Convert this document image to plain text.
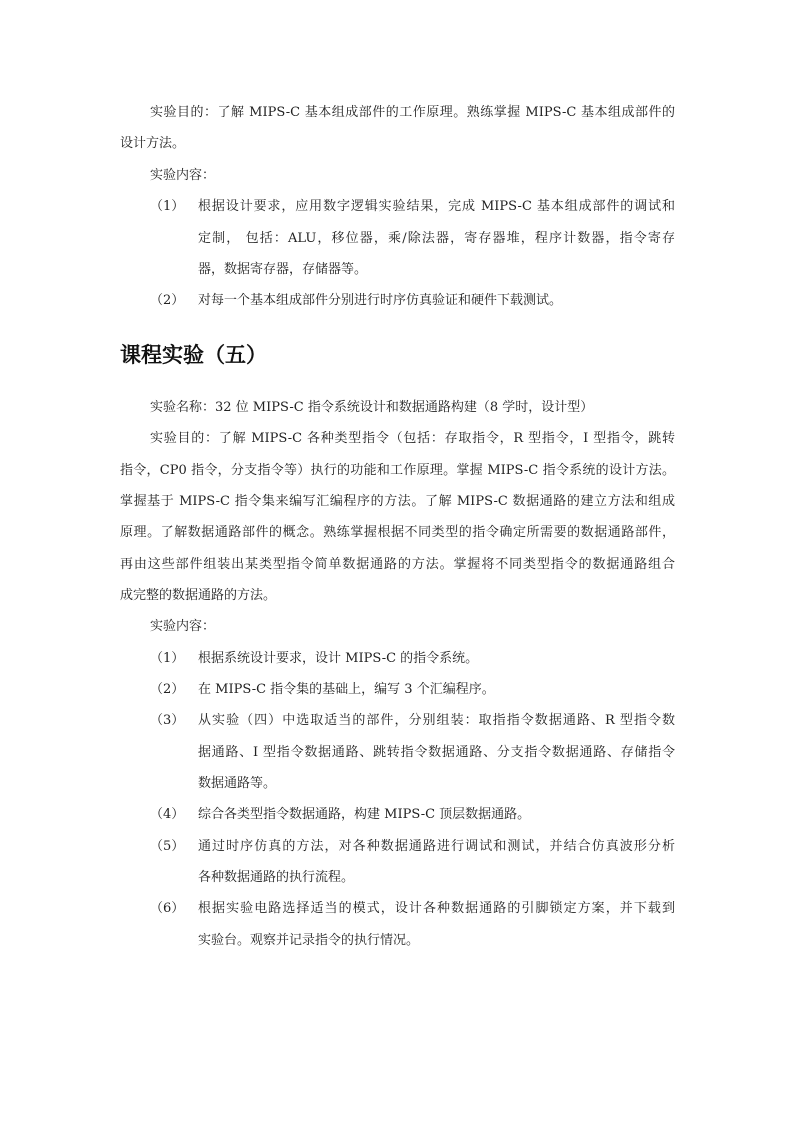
实验目的：了解 MIPS-C 基本组成部件的工作原理。熟练掌握 MIPS-C 基本组成部件的
设计方法。
实验内容：
（1） 根据设计要求，应用数字逻辑实验结果，完成 MIPS-C 基本组成部件的调试和
定制， 包括：ALU，移位器，乘/除法器，寄存器堆，程序计数器，指令寄存
器，数据寄存器，存储器等。
（2） 对每一个基本组成部件分别进行时序仿真验证和硬件下载测试。
课程实验（五）
实验名称：32 位 MIPS-C 指令系统设计和数据通路构建（8 学时，设计型）
实验目的：了解 MIPS-C 各种类型指令（包括：存取指令，R 型指令，I 型指令，跳转
指令，CP0 指令，分支指令等）执行的功能和工作原理。掌握 MIPS-C 指令系统的设计方法。
掌握基于 MIPS-C 指令集来编写汇编程序的方法。了解 MIPS-C 数据通路的建立方法和组成
原理。了解数据通路部件的概念。熟练掌握根据不同类型的指令确定所需要的数据通路部件，
再由这些部件组装出某类型指令简单数据通路的方法。掌握将不同类型指令的数据通路组合
成完整的数据通路的方法。
实验内容：
（1） 根据系统设计要求，设计 MIPS-C 的指令系统。
（2） 在 MIPS-C 指令集的基础上，编写 3 个汇编程序。
（3） 从实验（四）中选取适当的部件，分别组装：取指指令数据通路、R 型指令数
据通路、I 型指令数据通路、跳转指令数据通路、分支指令数据通路、存储指令
数据通路等。
（4） 综合各类型指令数据通路，构建 MIPS-C 顶层数据通路。
（5） 通过时序仿真的方法，对各种数据通路进行调试和测试，并结合仿真波形分析
各种数据通路的执行流程。
（6） 根据实验电路选择适当的模式，设计各种数据通路的引脚锁定方案，并下载到
实验台。观察并记录指令的执行情况。
